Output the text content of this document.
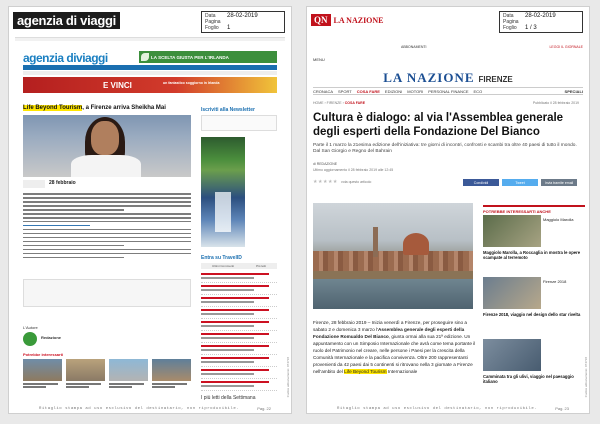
agenzia di viaggi	Data	28-02-2019
Pagina
Foglio	1
agenzia diviaggi	LA SCELTA GIUSTA PER L'IRLANDA
E VINCI	un fantastico soggiorno in Irlanda
Life Beyond Tourism, a Firenze arriva Sheikha Mai
28 febbraio
Iscriviti alla Newsletter
Entra su TravelID
Ultimi Commenti	Più letti
L'Autore
Redazione
Potrebbe interessarti
I più letti della Settimana
Codice abbonamento: 074718
Ritaglio stampa ad uso esclusivo del destinatario, non riproducibile.	Pag. 22
QN LA NAZIONE	Data	28-02-2019
Pagina
Foglio	1 / 3
ABBONAMENTI	LEGGI IL GIORNALE
MENU
LA NAZIONE FIRENZE
CRONACA SPORT COSA FARE EDIZIONI MOTORI PERSONAL FINANCE ECO	SPECIALI
HOME › FIRENZE › COSA FARE	Pubblicato il 28 febbraio 2019
Cultura è dialogo: al via l'Assemblea generale degli esperti della Fondazione Del Bianco
Parte il 1 marzo la 21esima edizione dell'iniziativa: tre giorni di incontri, confronti e scambi tra oltre 40 paesi di tutto il mondo. Dal San Giorgio e Regno del Bahrain
di REDAZIONE
Ultimo aggiornamento il 28 febbraio 2019 alle 12:45
★★★★★ vota questo articolo	Condividi	Tweet	Invia tramite email
Firenze, 28 febbraio 2019 – Inizia venerdì a Firenze, per proseguire sino a sabato 2 e domenica 3 marzo l'Assemblea generale degli esperti della Fondazione Romualdo Del Bianco, giunta ormai alla sua 21ª edizione. Un appuntamento con un Simposio Internazionale che avrà come tema portante il ruolo del Patrimonio nel creare, nelle persone i Paesi per la crescita della Comunità Internazionale e la pacifica convivenza. Oltre 200 rappresentanti provenienti da 42 paesi dai 5 continenti si ritrovano nella 3 giornate a Firenze nell'ambito del Life Beyond Tourism Internazionale
POTREBBE INTERESSARTI ANCHE
Maggiolo Marolla
Maggiolo Marolla, a Roccaglia in mostra le opere scampate al terremoto
Firenze 2018
Firenze 2018, viaggio nel design dello star rivelta
Camminata tra gli ulivi, viaggio nel paesaggio italiano	Codice abbonamento: 074718
Ritaglio stampa ad uso esclusivo del destinatario, non riproducibile.	Pag. 23
